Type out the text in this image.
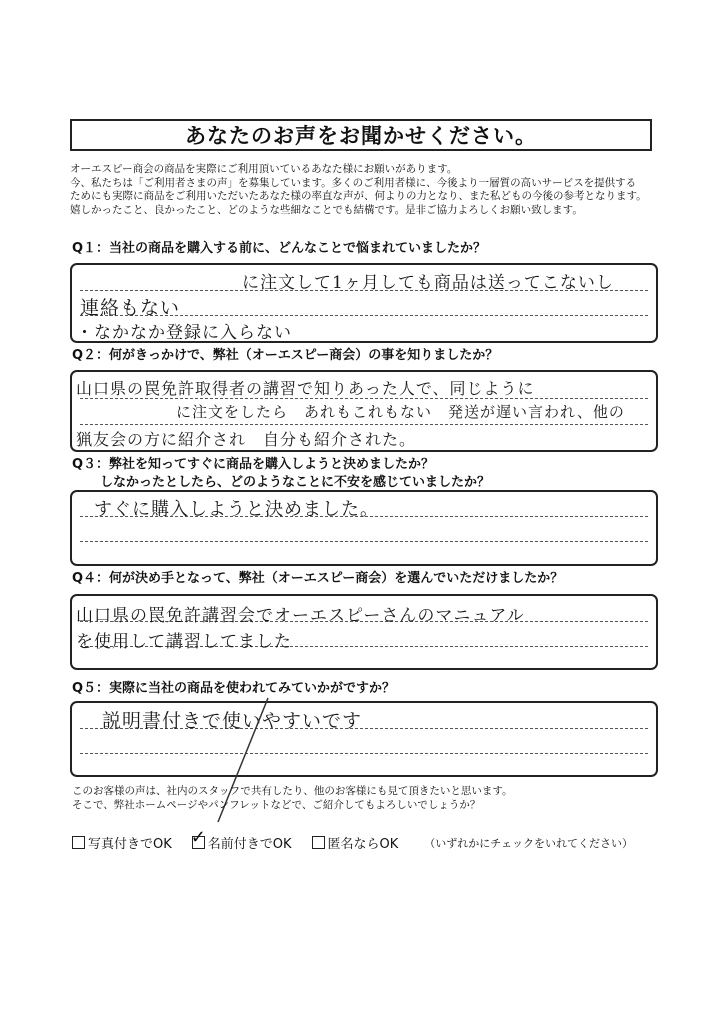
あなたのお声をお聞かせください。
オーエスピー商会の商品を実際にご利用頂いているあなた様にお願いがあります。
今、私たちは「ご利用者さまの声」を募集しています。多くのご利用者様に、今後より一層質の高いサービスを提供する
ためにも実際に商品をご利用いただいたあなた様の率直な声が、何よりの力となり、また私どもの今後の参考となります。
嬉しかったこと、良かったこと、どのような些細なことでも結構です。是非ご協力よろしくお願い致します。
Q１：当社の商品を購入する前に、どんなことで悩まれていましたか？
に注文して1ヶ月しても商品は送ってこないし
連絡もない
・なかなか登録に入らない
Q２：何がきっかけで、弊社（オーエスピー商会）の事を知りましたか？
山口県の罠免許取得者の講習で知りあった人で、同じように
に注文をしたら　あれもこれもない　発送が遅い言われ、他の
猟友会の方に紹介され　自分も紹介された。
Q３：弊社を知ってすぐに商品を購入しようと決めましたか？
しなかったとしたら、どのようなことに不安を感じていましたか？
すぐに購入しようと決めました。
Q４：何が決め手となって、弊社（オーエスピー商会）を選んでいただけましたか？
山口県の罠免許講習会でオーエスピーさんのマニュアル
を使用して講習してました
Q５：実際に当社の商品を使われてみていかがですか？
説明書付きで使いやすいです
このお客様の声は、社内のスタッフで共有したり、他のお客様にも見て頂きたいと思います。
そこで、弊社ホームページやパンフレットなどで、ご紹介してもよろしいでしょうか？
写真付きでOK ✓ 名前付きでOK	匿名ならOK （いずれかにチェックをいれてください）
